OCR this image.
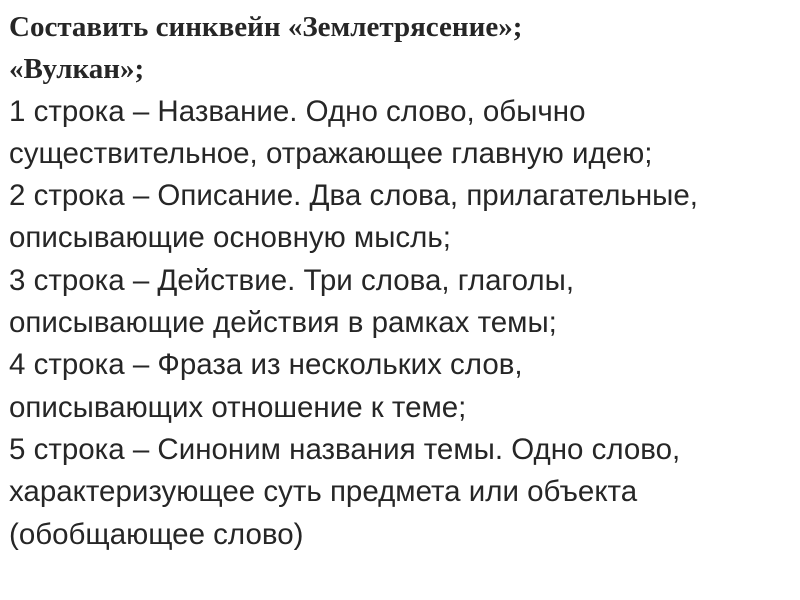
Составить синквейн «Землетрясение»;
«Вулкан»;
1 строка – Название. Одно слово, обычно
существительное, отражающее главную идею;
2 строка – Описание. Два слова, прилагательные,
описывающие основную мысль;
3 строка – Действие. Три слова, глаголы,
описывающие действия в рамках темы;
4 строка – Фраза из нескольких слов,
описывающих отношение к теме;
5 строка – Синоним названия темы. Одно слово,
характеризующее суть предмета или объекта
(обобщающее слово)
